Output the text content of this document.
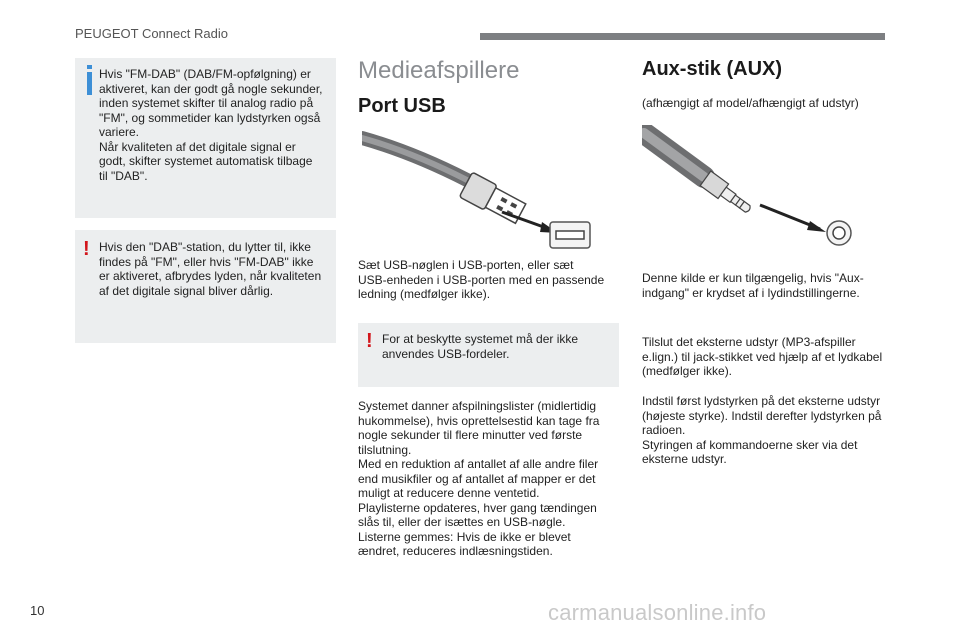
PEUGEOT Connect Radio

Hvis "FM-DAB" (DAB/FM-opfølgning) er
aktiveret, kan der godt gå nogle sekunder,
inden systemet skifter til analog radio på
"FM", og sommetider kan lydstyrken også
variere.
Når kvaliteten af det digitale signal er
godt, skifter systemet automatisk tilbage
til "DAB".

! Hvis den "DAB"-station, du lytter til, ikke
findes på "FM", eller hvis "FM-DAB" ikke
er aktiveret, afbrydes lyden, når kvaliteten
af det digitale signal bliver dårlig.

Medieafspillere
Port USB

Sæt USB-nøglen i USB-porten, eller sæt
USB-enheden i USB-porten med en passende
ledning (medfølger ikke).

! For at beskytte systemet må der ikke
anvendes USB-fordeler.

Systemet danner afspilningslister (midlertidig
hukommelse), hvis oprettelsestid kan tage fra
nogle sekunder til flere minutter ved første
tilslutning.
Med en reduktion af antallet af alle andre filer
end musikfiler og af antallet af mapper er det
muligt at reducere denne ventetid.
Playlisterne opdateres, hver gang tændingen
slås til, eller der isættes en USB-nøgle.
Listerne gemmes: Hvis de ikke er blevet
ændret, reduceres indlæsningstiden.

Aux-stik (AUX)

(afhængigt af model/afhængigt af udstyr)

Denne kilde er kun tilgængelig, hvis "Aux-
indgang" er krydset af i lydindstillingerne.

Tilslut det eksterne udstyr (MP3-afspiller
e.lign.) til jack-stikket ved hjælp af et lydkabel
(medfølger ikke).

Indstil først lydstyrken på det eksterne udstyr
(højeste styrke). Indstil derefter lydstyrken på
radioen.
Styringen af kommandoerne sker via det
eksterne udstyr.

10	carmanualsonline.info
